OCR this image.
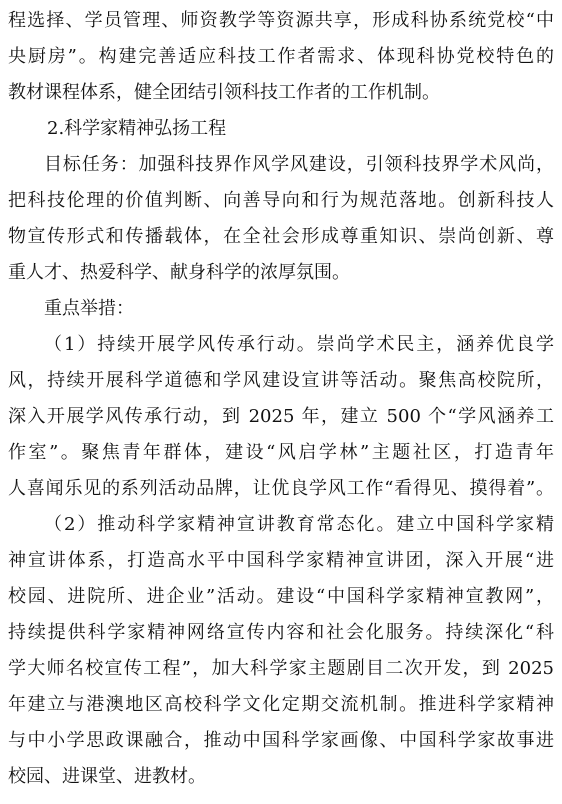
程选择、学员管理、师资教学等资源共享，形成科协系统党校“中
央厨房”。构建完善适应科技工作者需求、体现科协党校特色的
教材课程体系，健全团结引领科技工作者的工作机制。
2.科学家精神弘扬工程
目标任务：加强科技界作风学风建设，引领科技界学术风尚，
把科技伦理的价值判断、向善导向和行为规范落地。创新科技人
物宣传形式和传播载体，在全社会形成尊重知识、崇尚创新、尊
重人才、热爱科学、献身科学的浓厚氛围。
重点举措：
（1）持续开展学风传承行动。崇尚学术民主，涵养优良学
风，持续开展科学道德和学风建设宣讲等活动。聚焦高校院所，
深入开展学风传承行动，到 2025 年，建立 500 个“学风涵养工
作室”。聚焦青年群体，建设“风启学林”主题社区，打造青年
人喜闻乐见的系列活动品牌，让优良学风工作“看得见、摸得着”。
（2）推动科学家精神宣讲教育常态化。建立中国科学家精
神宣讲体系，打造高水平中国科学家精神宣讲团，深入开展“进
校园、进院所、进企业”活动。建设“中国科学家精神宣教网”，
持续提供科学家精神网络宣传内容和社会化服务。持续深化“科
学大师名校宣传工程”，加大科学家主题剧目二次开发，到 2025
年建立与港澳地区高校科学文化定期交流机制。推进科学家精神
与中小学思政课融合，推动中国科学家画像、中国科学家故事进
校园、进课堂、进教材。
